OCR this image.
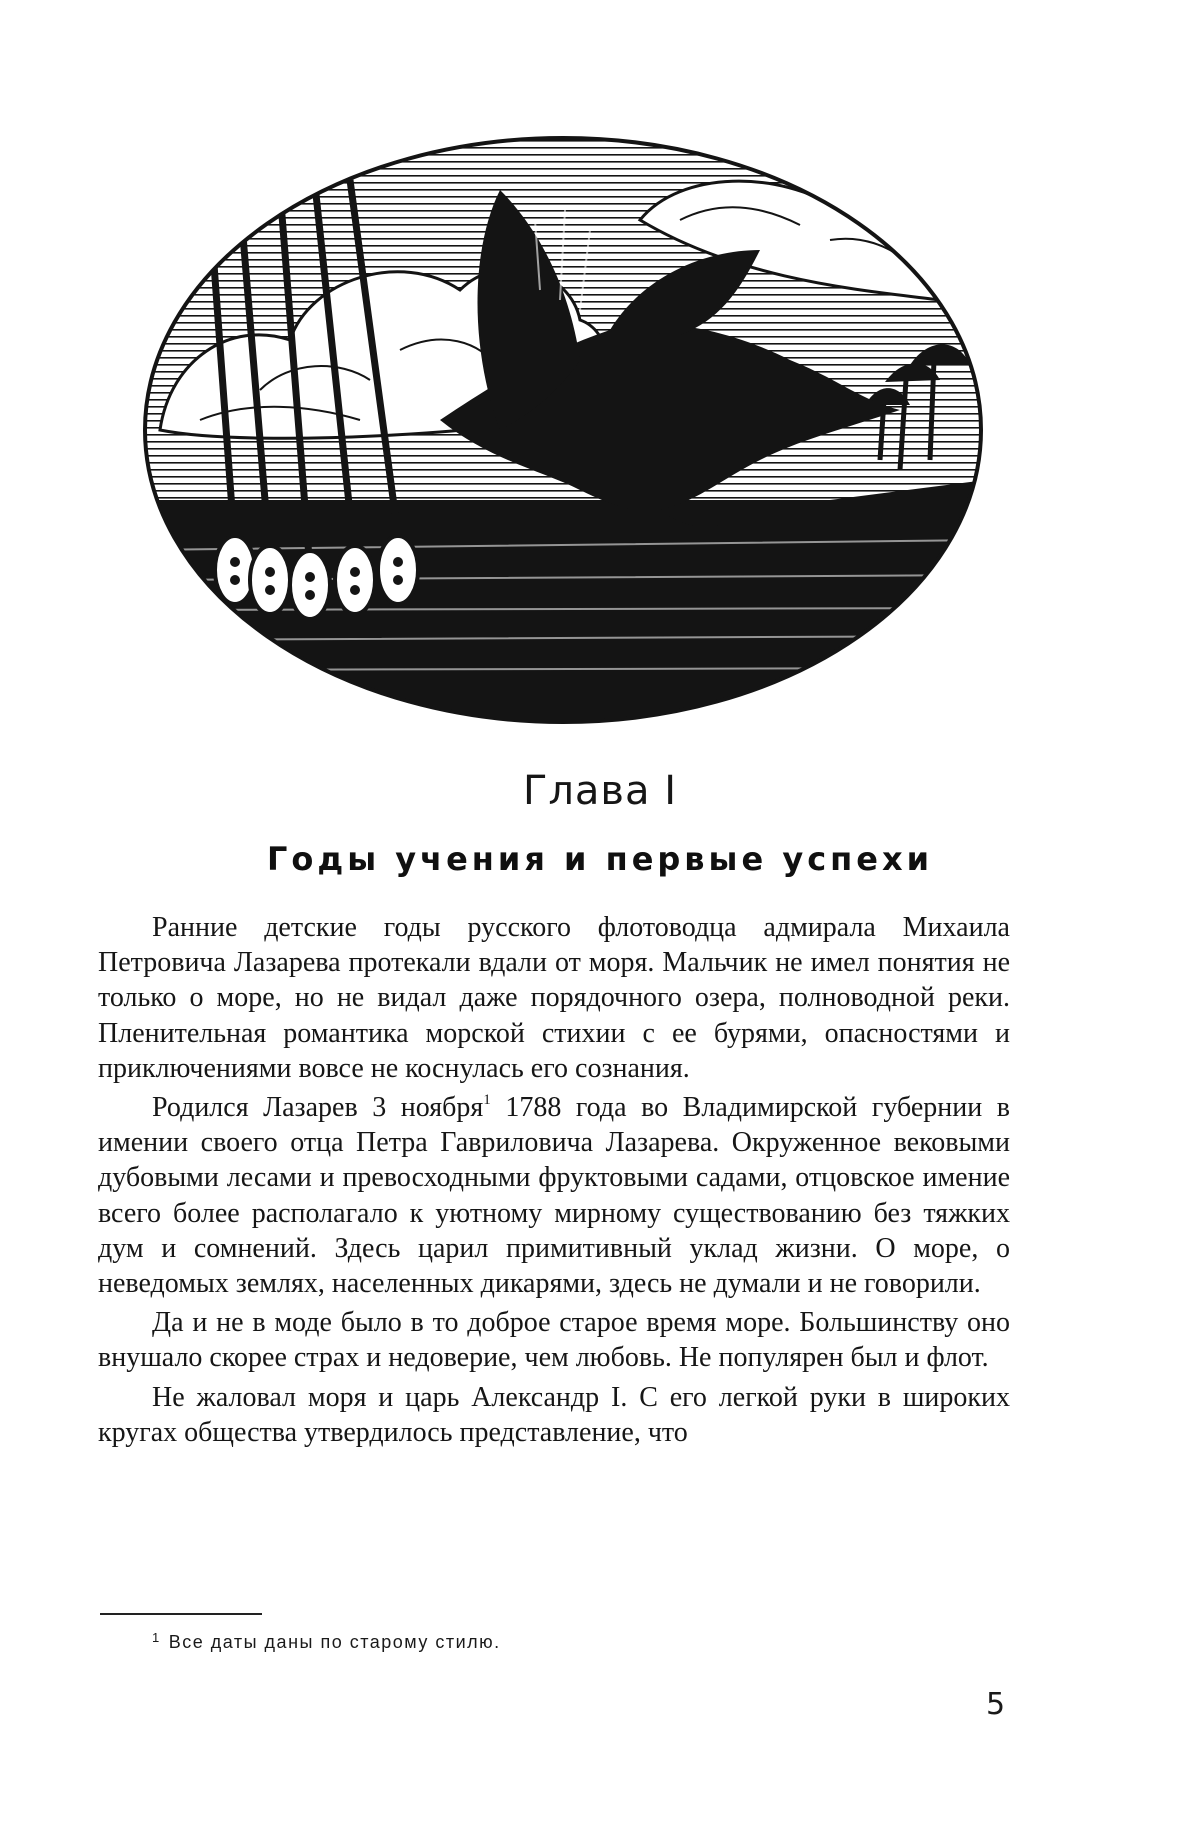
Глава I
Годы учения и первые успехи

Ранние детские годы русского флотоводца адмирала Михаила Петровича Лазарева протекали вдали от моря. Мальчик не имел понятия не только о море, но не видал даже порядочного озера, полноводной реки. Пленительная романтика морской стихии с ее бурями, опасностями и приключениями вовсе не коснулась его сознания.

Родился Лазарев 3 ноября$^1$ 1788 года во Владимирской губернии в имении своего отца Петра Гавриловича Лазарева. Окруженное вековыми дубовыми лесами и превосходными фруктовыми садами, отцовское имение всего более располагало к уютному мирному существованию без тяжких дум и сомнений. Здесь царил примитивный уклад жизни. О море, о неведомых землях, населенных дикарями, здесь не думали и не говорили.

Да и не в моде было в то доброе старое время море. Большинству оно внушало скорее страх и недоверие, чем любовь. Не популярен был и флот.

Не жаловал моря и царь Александр I. С его легкой руки в широких кругах общества утвердилось представление, что

$^1$ Все даты даны по старому стилю.
5
